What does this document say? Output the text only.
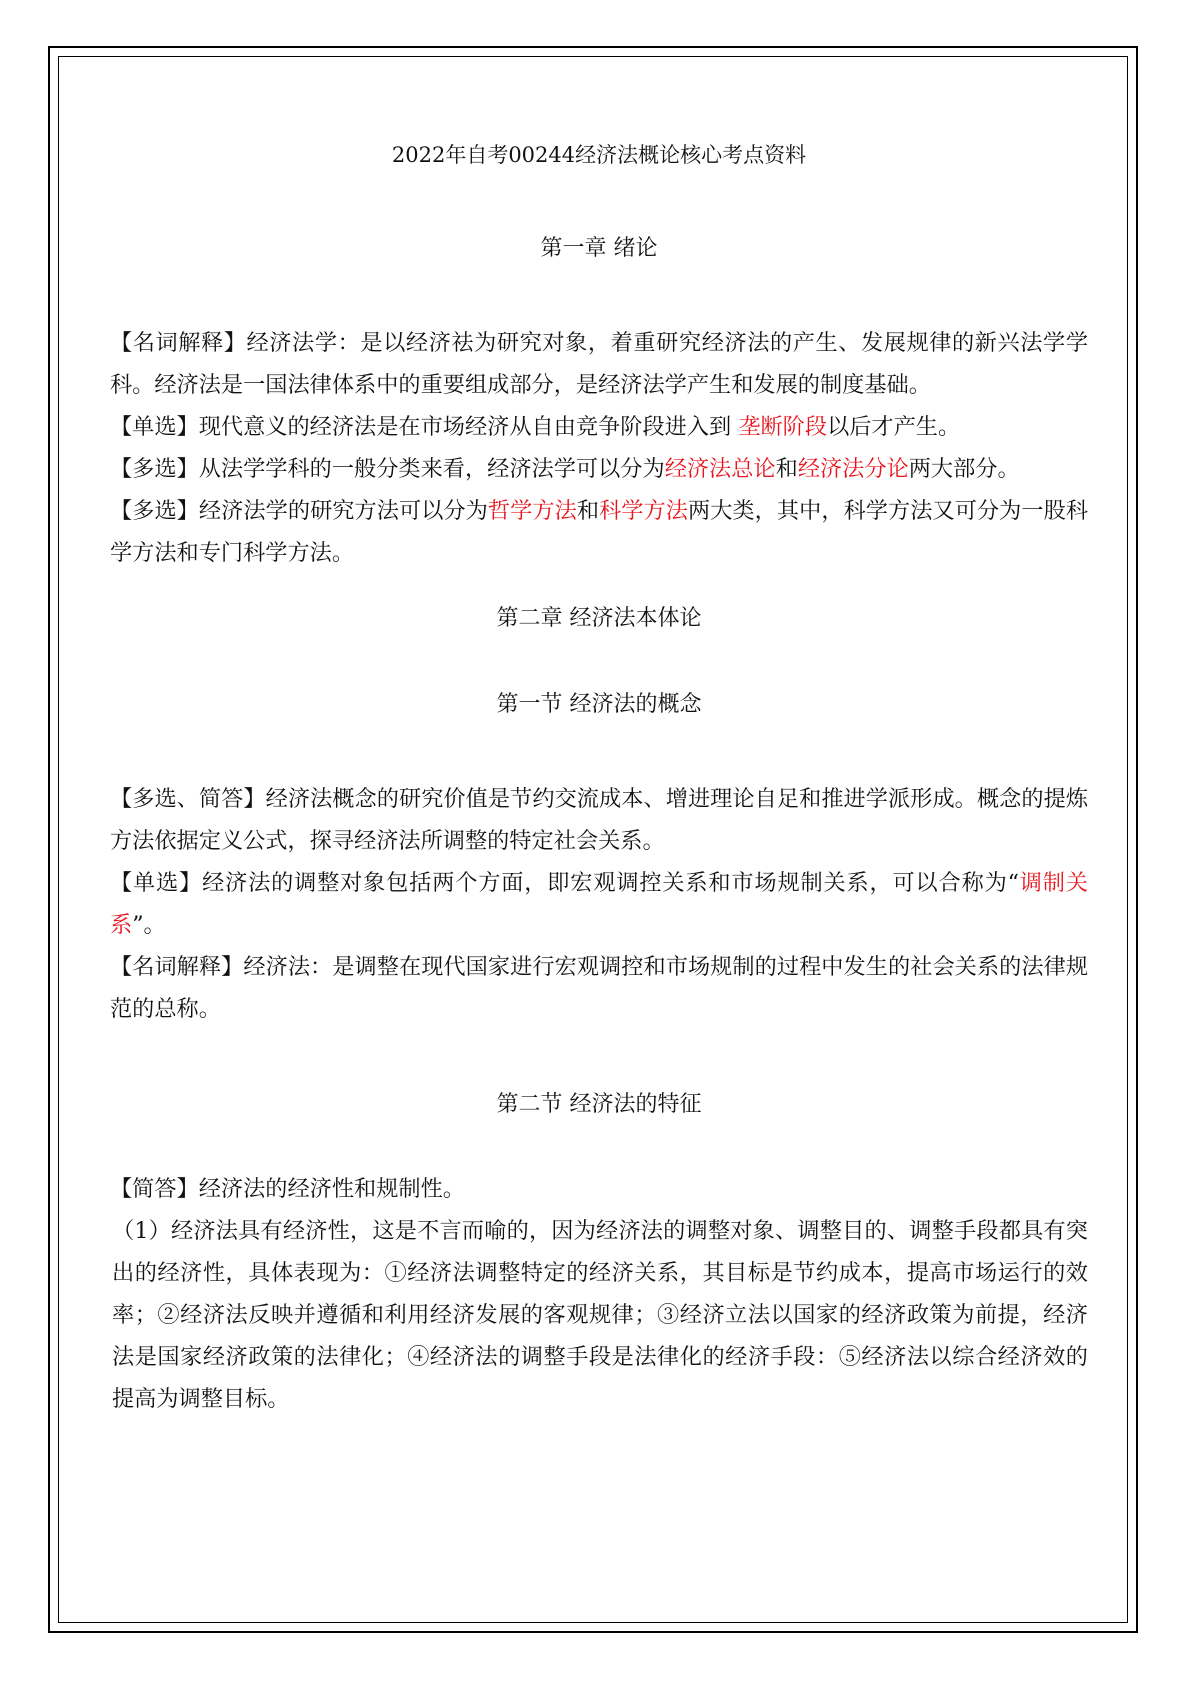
2022年自考00244经济法概论核心考点资料

第一章 绪论

【名词解释】经济法学：是以经济祛为研究对象，着重研究经济法的产生、发展规律的新兴法学学科。经济法是一国法律体系中的重要组成部分，是经济法学产生和发展的制度基础。

【单选】现代意义的经济法是在市场经济从自由竞争阶段进入到 垄断阶段以后才产生。

【多选】从法学学科的一般分类来看，经济法学可以分为经济法总论和经济法分论两大部分。

【多选】经济法学的研究方法可以分为哲学方法和科学方法两大类，其中，科学方法又可分为一股科学方法和专门科学方法。

第二章 经济法本体论

第一节 经济法的概念

【多选、简答】经济法概念的研究价值是节约交流成本、增进理论自足和推进学派形成。概念的提炼方法依据定义公式，探寻经济法所调整的特定社会关系。

【单选】经济法的调整对象包括两个方面，即宏观调控关系和市场规制关系，可以合称为“调制关系”。

【名词解释】经济法：是调整在现代国家进行宏观调控和市场规制的过程中发生的社会关系的法律规范的总称。

第二节 经济法的特征

【简答】经济法的经济性和规制性。

（1）经济法具有经济性，这是不言而喻的，因为经济法的调整对象、调整目的、调整手段都具有突出的经济性，具体表现为：①经济法调整特定的经济关系，其目标是节约成本，提高市场运行的效率；②经济法反映并遵循和利用经济发展的客观规律；③经济立法以国家的经济政策为前提，经济法是国家经济政策的法律化；④经济法的调整手段是法律化的经济手段：⑤经济法以综合经济效的提高为调整目标。
